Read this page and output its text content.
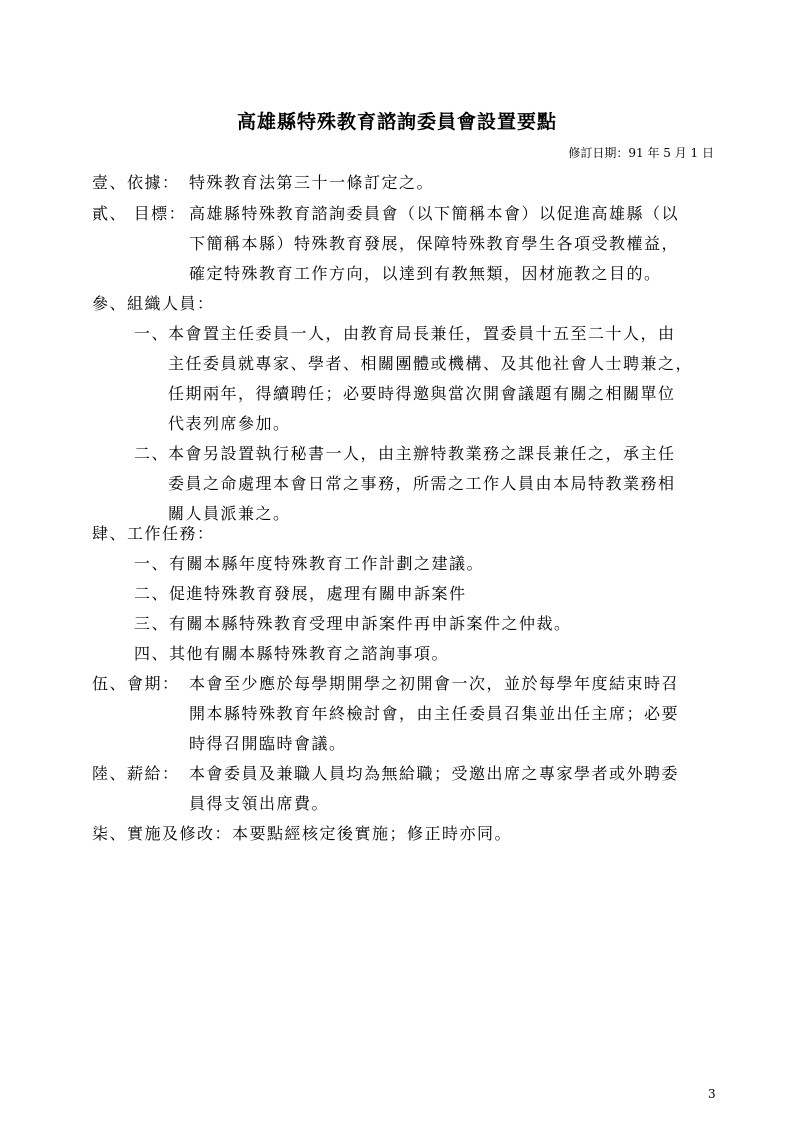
高雄縣特殊教育諮詢委員會設置要點
修訂日期：91 年 5 月 1 日
壹、依據： 特殊教育法第三十一條訂定之。
貳、 目標： 高雄縣特殊教育諮詢委員會（以下簡稱本會）以促進高雄縣（以
下簡稱本縣）特殊教育發展，保障特殊教育學生各項受教權益，
確定特殊教育工作方向，以達到有教無類，因材施教之目的。
參、組織人員：
一、
本會置主任委員一人，由教育局長兼任，置委員十五至二十人，由
主任委員就專家、學者、相關團體或機構、及其他社會人士聘兼之，
任期兩年，得續聘任；必要時得邀與當次開會議題有關之相關單位
代表列席參加。
二、
本會另設置執行秘書一人，由主辦特教業務之課長兼任之，承主任
委員之命處理本會日常之事務，所需之工作人員由本局特教業務相
關人員派兼之。
肆、工作任務：
一、有關本縣年度特殊教育工作計劃之建議。
二、促進特殊教育發展，處理有關申訴案件
三、有關本縣特殊教育受理申訴案件再申訴案件之仲裁。
四、其他有關本縣特殊教育之諮詢事項。
伍、會期： 本會至少應於每學期開學之初開會一次，並於每學年度結束時召
開本縣特殊教育年終檢討會，由主任委員召集並出任主席；必要
時得召開臨時會議。
陸、薪給： 本會委員及兼職人員均為無給職；受邀出席之專家學者或外聘委
員得支領出席費。
柒、實施及修改： 本要點經核定後實施；修正時亦同。
3
